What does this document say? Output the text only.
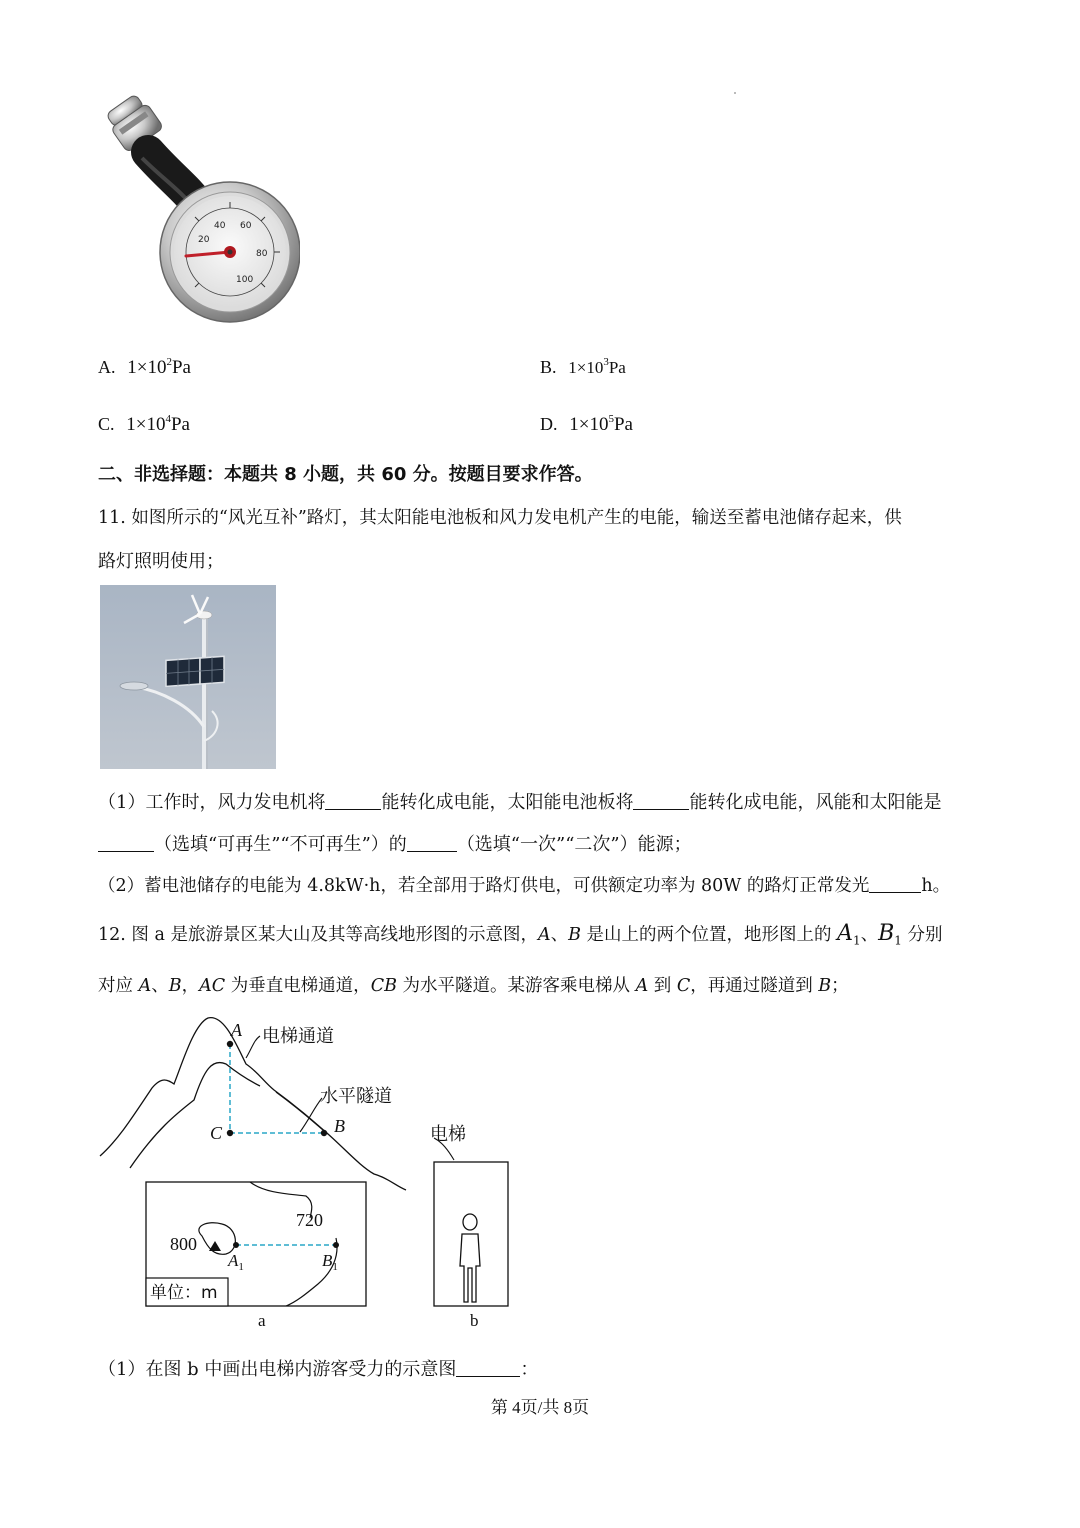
20
40 60
80
100
A. $1\times 10^2Pa$	B. $1\times 10^3Pa$
C. $1\times 10^4Pa$	D. $1\times 10^5Pa$
二、非选择题：本题共 8 小题，共 60 分。按题目要求作答。
11. 如图所示的“风光互补”路灯，其太阳能电池板和风力发电机产生的电能，输送至蓄电池储存起来，供
路灯照明使用；
（1）工作时，风力发电机将	能转化成电能，太阳能电池板将	能转化成电能，风能和太阳能是
（选填“可再生”“不可再生”）的	（选填“一次”“二次”）能源；
（2）蓄电池储存的电能为 4.8kW·h，若全部用于路灯供电，可供额定功率为 80W 的路灯正常发光	h。
12. 图 a 是旅游景区某大山及其等高线地形图的示意图，A、B 是山上的两个位置，地形图上的 $A_1$、$B_1$ 分别
对应 A、B，AC 为垂直电梯通道，CB 为水平隧道。某游客乘电梯从 A 到 C，再通过隧道到 B；
A
C	B
电梯通道
水平隧道
电梯
800
720
$A_1$	$B_1$
单位：m
a	b
（1）在图 b 中画出电梯内游客受力的示意图	：
第 4页/共 8页
